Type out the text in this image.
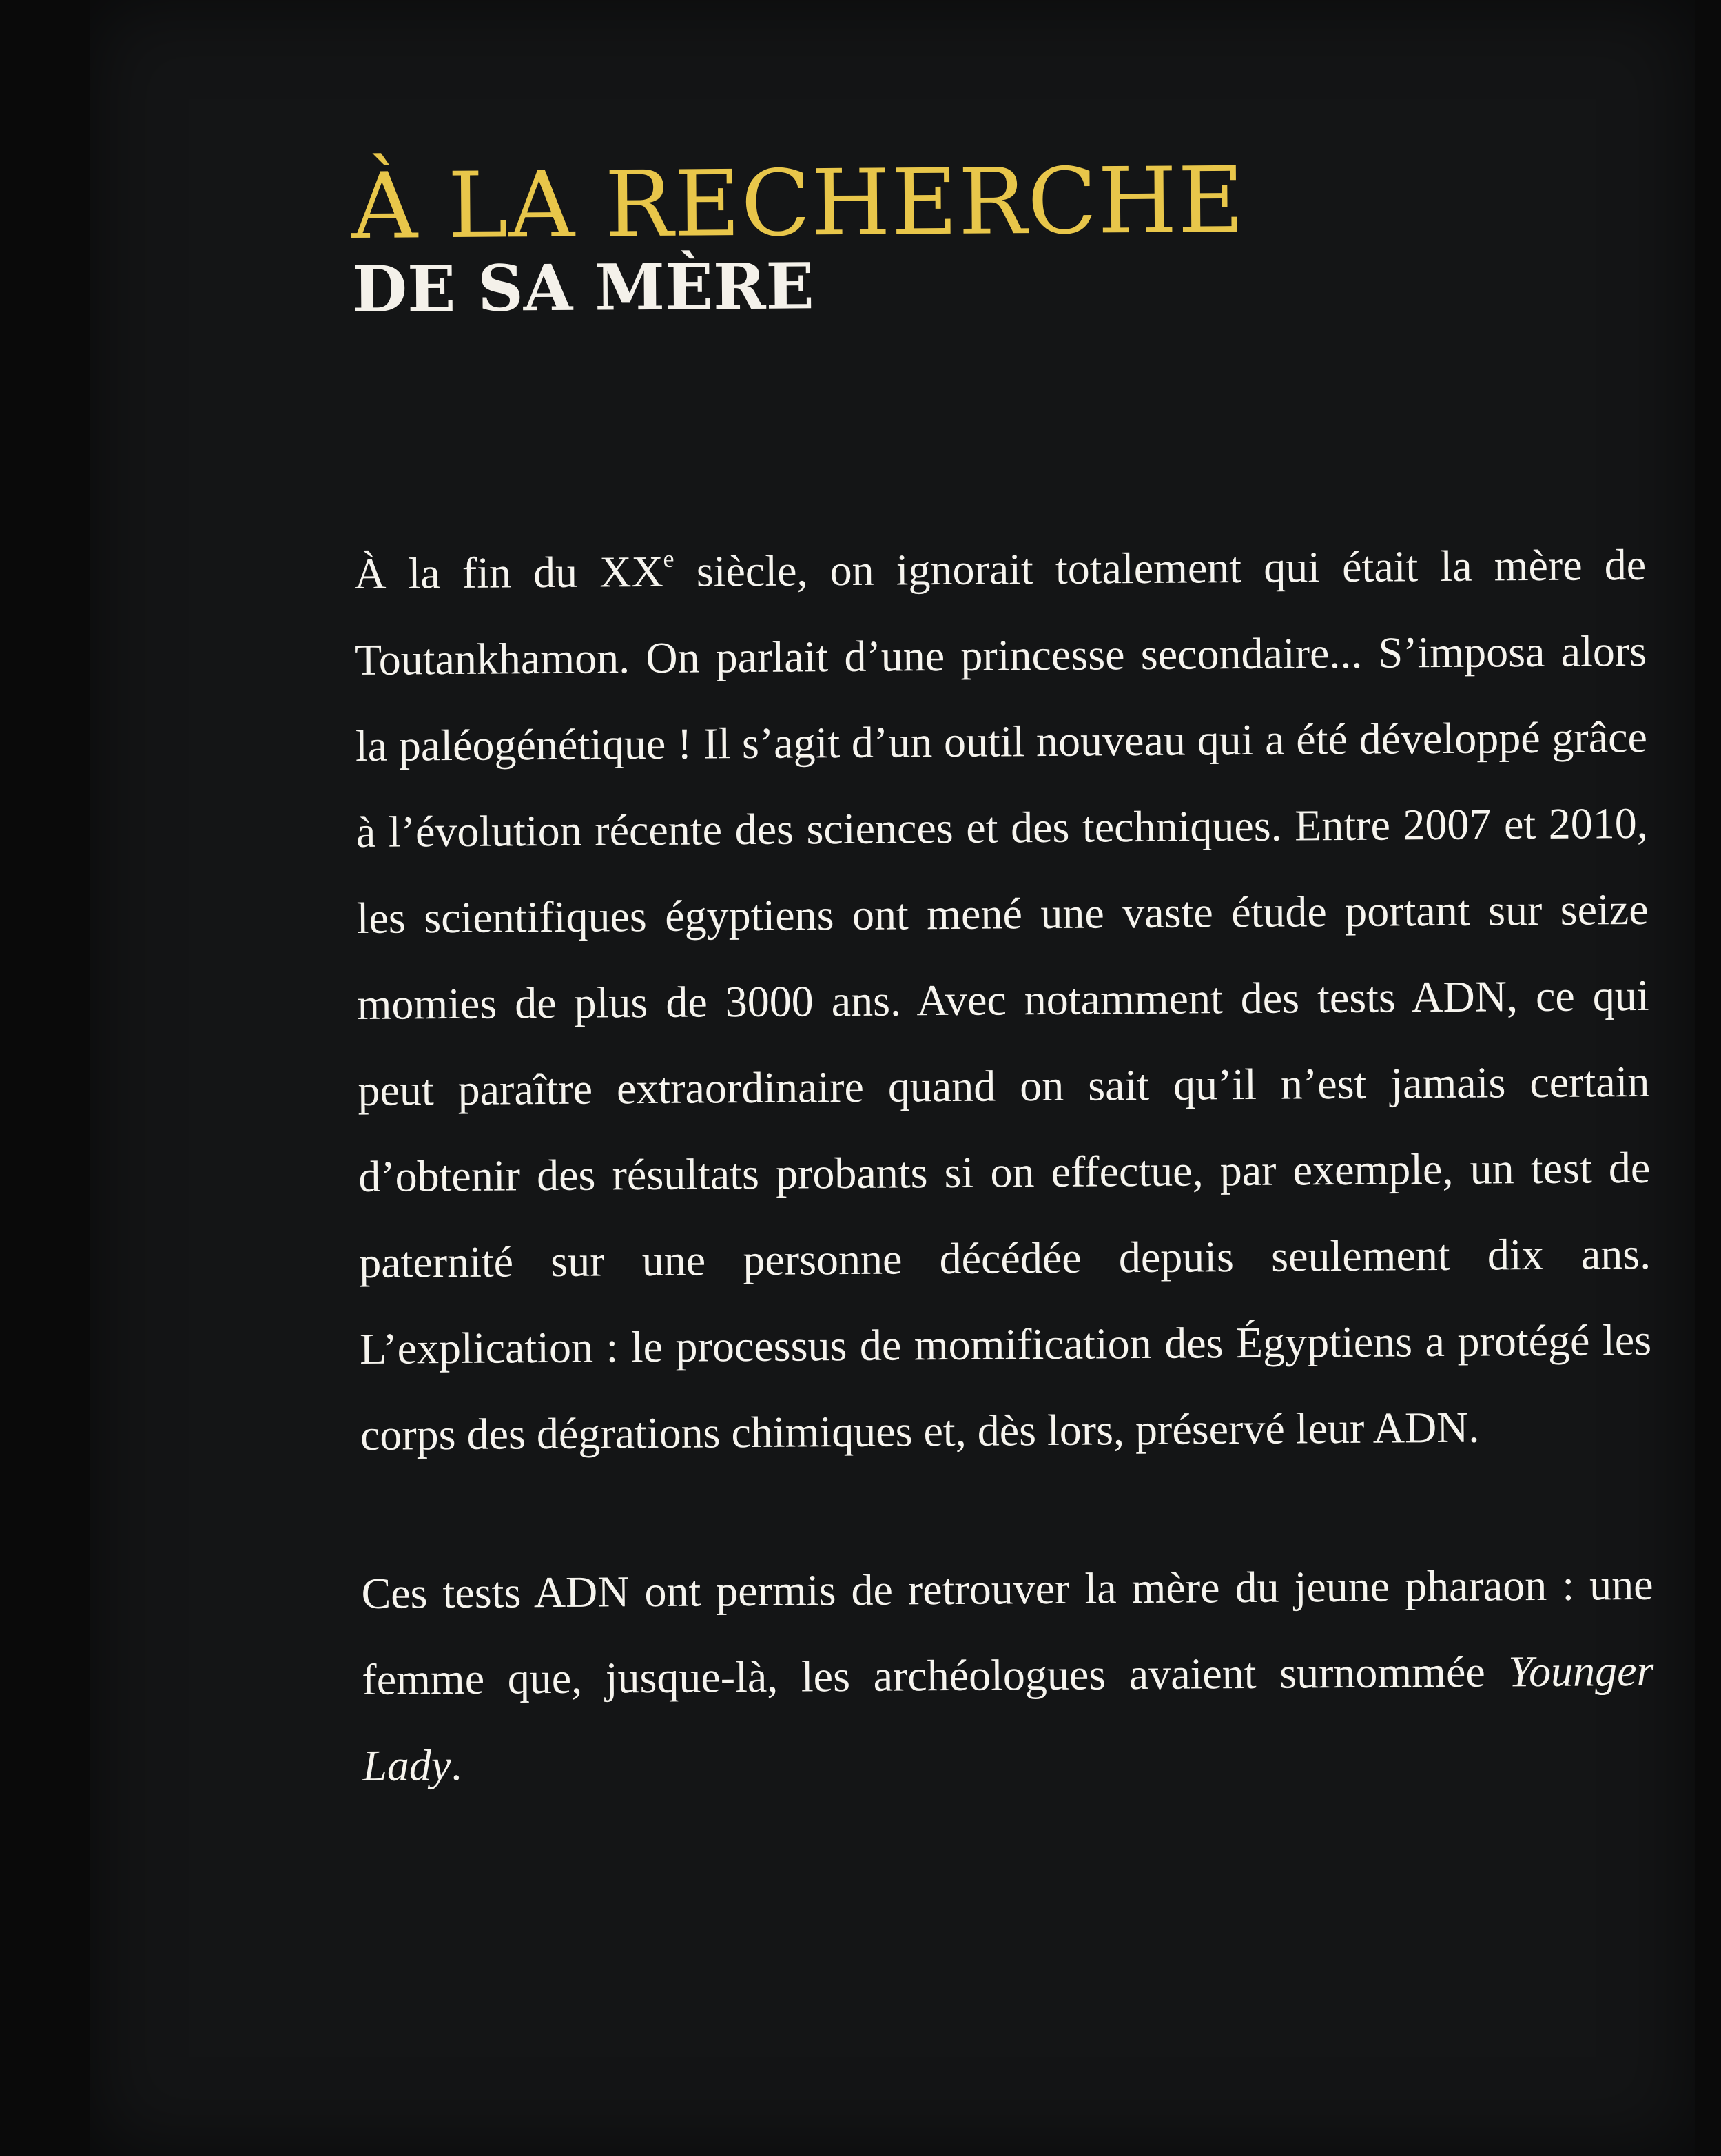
À LA RECHERCHE
DE SA MÈRE

À la fin du XXe siècle, on ignorait totalement qui était la mère de Toutankhamon. On parlait d’une princesse secondaire... S’imposa alors la paléogénétique ! Il s’agit d’un outil nouveau qui a été développé grâce à l’évolution récente des sciences et des techniques. Entre 2007 et 2010, les scientifiques égyptiens ont mené une vaste étude portant sur seize momies de plus de 3000 ans. Avec notamment des tests ADN, ce qui peut paraître extraordinaire quand on sait qu’il n’est jamais certain d’obtenir des résultats probants si on effectue, par exemple, un test de paternité sur une personne décédée depuis seulement dix ans. L’explication : le processus de momification des Égyptiens a protégé les corps des dégrations chimiques et, dès lors, préservé leur ADN.

Ces tests ADN ont permis de retrouver la mère du jeune pharaon : une femme que, jusque-là, les archéologues avaient surnommée Younger Lady.
